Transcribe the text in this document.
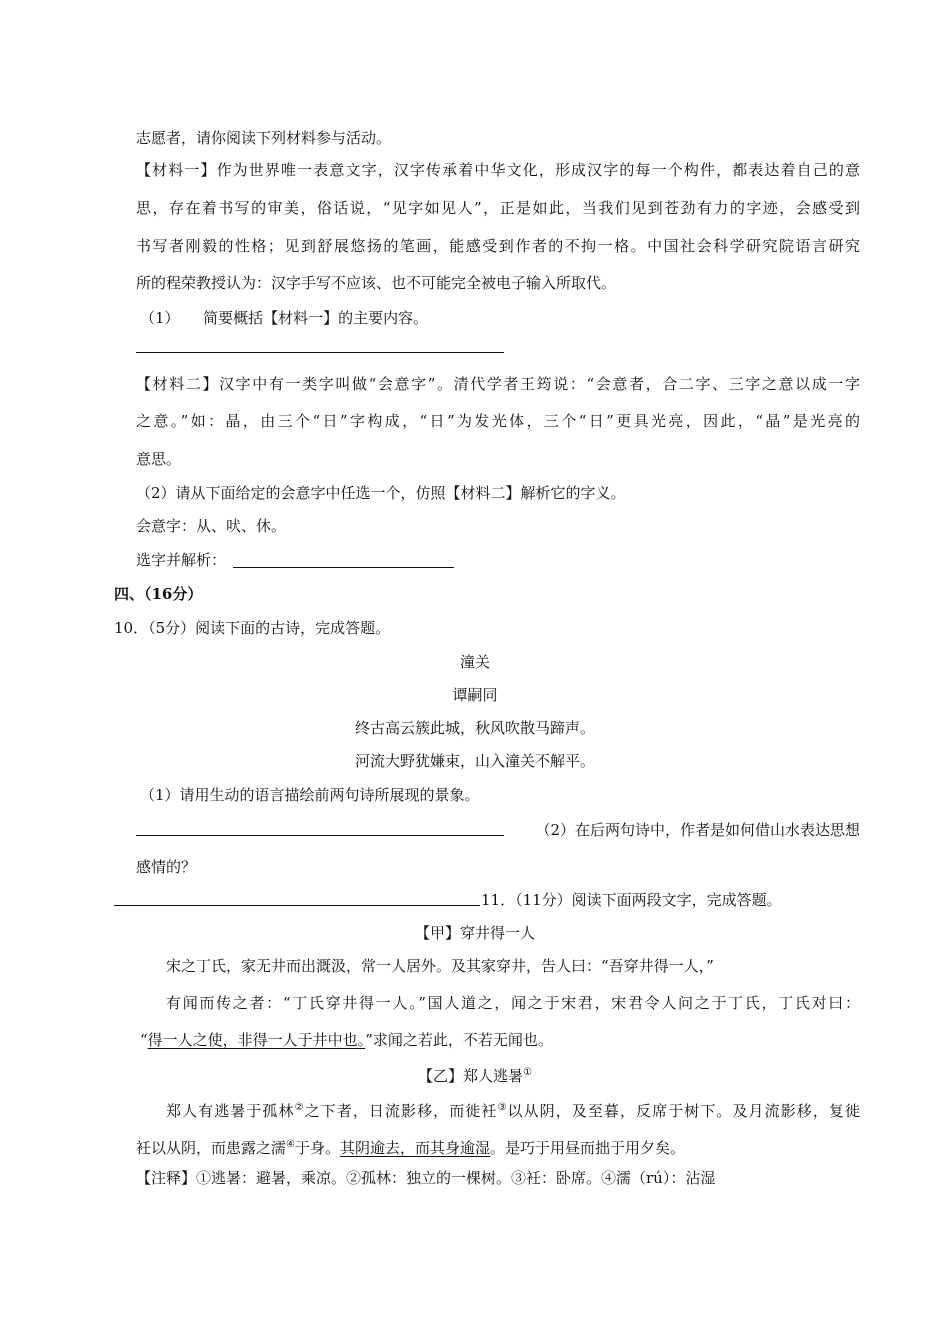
志愿者，请你阅读下列材料参与活动。
【材料一】作为世界唯一表意文字，汉字传承着中华文化，形成汉字的每一个构件，都表达着自己的意
思，存在着书写的审美，俗话说，“见字如见人”，正是如此，当我们见到苍劲有力的字迹，会感受到
书写者刚毅的性格；见到舒展悠扬的笔画，能感受到作者的不拘一格。中国社会科学研究院语言研究
所的程荣教授认为：汉字手写不应该、也不可能完全被电子输入所取代。
（1） 简要概括【材料一】的主要内容。
【材料二】汉字中有一类字叫做“会意字”。清代学者王筠说：“会意者，合二字、三字之意以成一字
之意。”如：晶，由三个“日”字构成，“日”为发光体，三个“日”更具光亮，因此，“晶”是光亮的
意思。
（2）请从下面给定的会意字中任选一个，仿照【材料二】解析它的字义。
会意字：从、吠、休。
选字并解析：
四、（16分）
10．（5分）阅读下面的古诗，完成答题。
潼关
谭嗣同
终古高云簇此城，秋风吹散马蹄声。
河流大野犹嫌束，山入潼关不解平。
（1）请用生动的语言描绘前两句诗所展现的景象。
（2）在后两句诗中，作者是如何借山水表达思想
感情的？
11．（11分）阅读下面两段文字，完成答题。
【甲】穿井得一人
宋之丁氏，家无井而出溉汲，常一人居外。及其家穿井，告人曰：“吾穿井得一人，”
有闻而传之者：“丁氏穿井得一人。”国人道之，闻之于宋君，宋君令人问之于丁氏，丁氏对曰：
“得一人之使，非得一人于井中也。”求闻之若此，不若无闻也。
【乙】郑人逃暑①
郑人有逃暑于孤林②之下者，日流影移，而徙衽③以从阴，及至暮，反席于树下。及月流影移，复徙
衽以从阴，而患露之濡④于身。其阴逾去，而其身逾湿。是巧于用昼而拙于用夕矣。
【注释】①逃暑：避暑，乘凉。②孤林：独立的一棵树。③衽：卧席。④濡（rú）：沾湿
